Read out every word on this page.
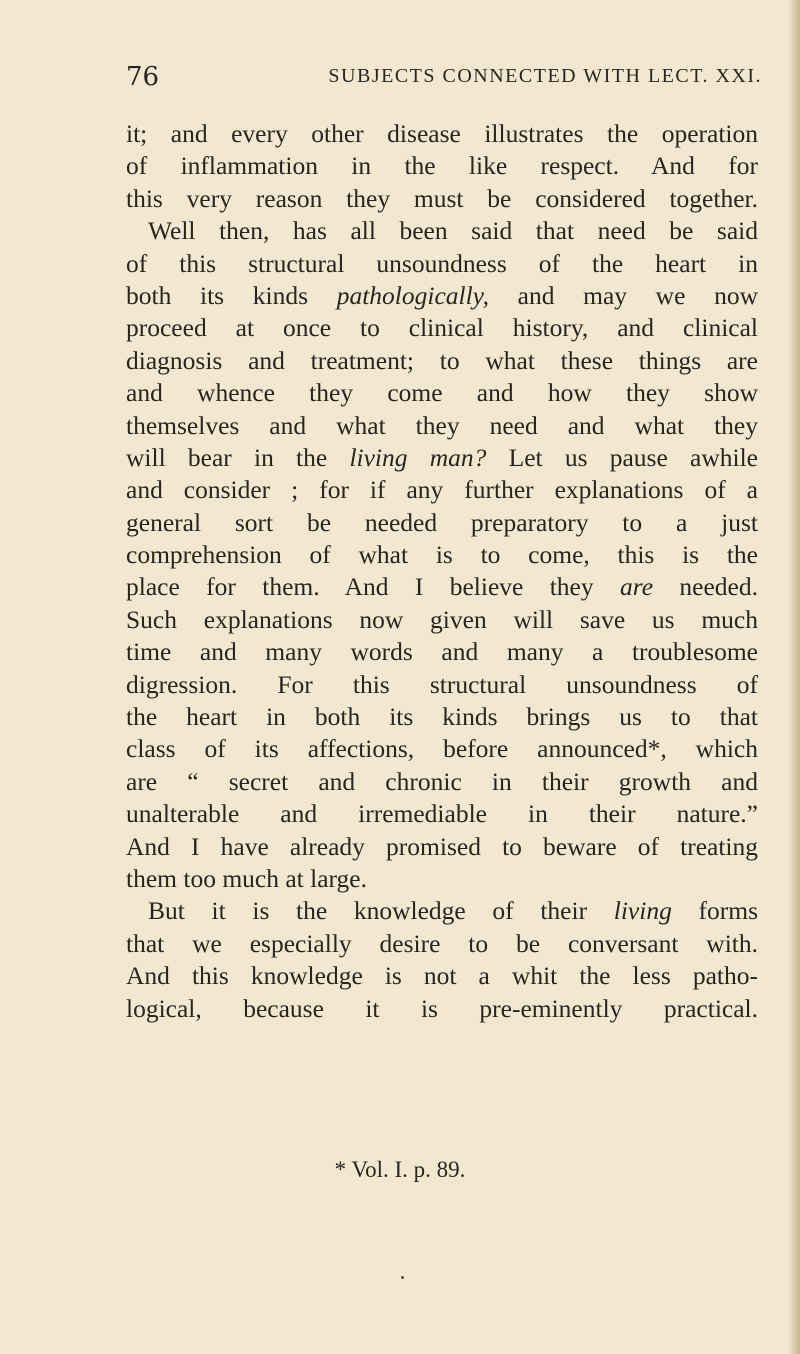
76	SUBJECTS CONNECTED WITH LECT. XXI.
it; and every other disease illustrates the operation
of inflammation in the like respect. And for
this very reason they must be considered together.
Well then, has all been said that need be said
of this structural unsoundness of the heart in
both its kinds pathologically, and may we now
proceed at once to clinical history, and clinical
diagnosis and treatment; to what these things are
and whence they come and how they show
themselves and what they need and what they
will bear in the living man? Let us pause awhile
and consider ; for if any further explanations of a
general sort be needed preparatory to a just
comprehension of what is to come, this is the
place for them. And I believe they are needed.
Such explanations now given will save us much
time and many words and many a troublesome
digression. For this structural unsoundness of
the heart in both its kinds brings us to that
class of its affections, before announced*, which
are “ secret and chronic in their growth and
unalterable and irremediable in their nature.”
And I have already promised to beware of treating
them too much at large.
But it is the knowledge of their living forms
that we especially desire to be conversant with.
And this knowledge is not a whit the less patho-
logical, because it is pre-eminently practical.
* Vol. I. p. 89.
